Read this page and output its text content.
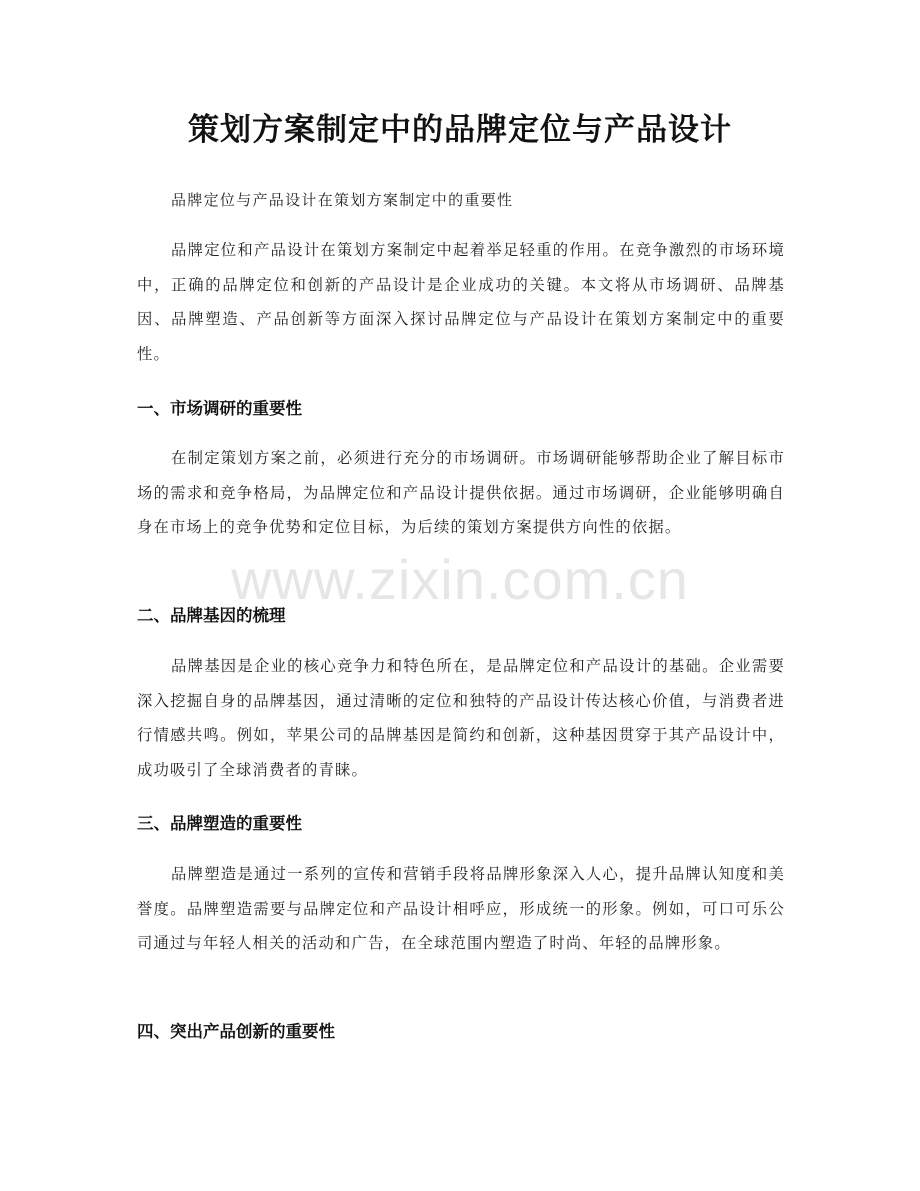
策划方案制定中的品牌定位与产品设计
品牌定位与产品设计在策划方案制定中的重要性

品牌定位和产品设计在策划方案制定中起着举足轻重的作用。在竞争激烈的市场环境中，正确的品牌定位和创新的产品设计是企业成功的关键。本文将从市场调研、品牌基因、品牌塑造、产品创新等方面深入探讨品牌定位与产品设计在策划方案制定中的重要性。

一、市场调研的重要性

在制定策划方案之前，必须进行充分的市场调研。市场调研能够帮助企业了解目标市场的需求和竞争格局，为品牌定位和产品设计提供依据。通过市场调研，企业能够明确自身在市场上的竞争优势和定位目标，为后续的策划方案提供方向性的依据。

二、品牌基因的梳理

品牌基因是企业的核心竞争力和特色所在，是品牌定位和产品设计的基础。企业需要深入挖掘自身的品牌基因，通过清晰的定位和独特的产品设计传达核心价值，与消费者进行情感共鸣。例如，苹果公司的品牌基因是简约和创新，这种基因贯穿于其产品设计中，成功吸引了全球消费者的青睐。

三、品牌塑造的重要性

品牌塑造是通过一系列的宣传和营销手段将品牌形象深入人心，提升品牌认知度和美誉度。品牌塑造需要与品牌定位和产品设计相呼应，形成统一的形象。例如，可口可乐公司通过与年轻人相关的活动和广告，在全球范围内塑造了时尚、年轻的品牌形象。

四、突出产品创新的重要性
www.zixin.com.cn
